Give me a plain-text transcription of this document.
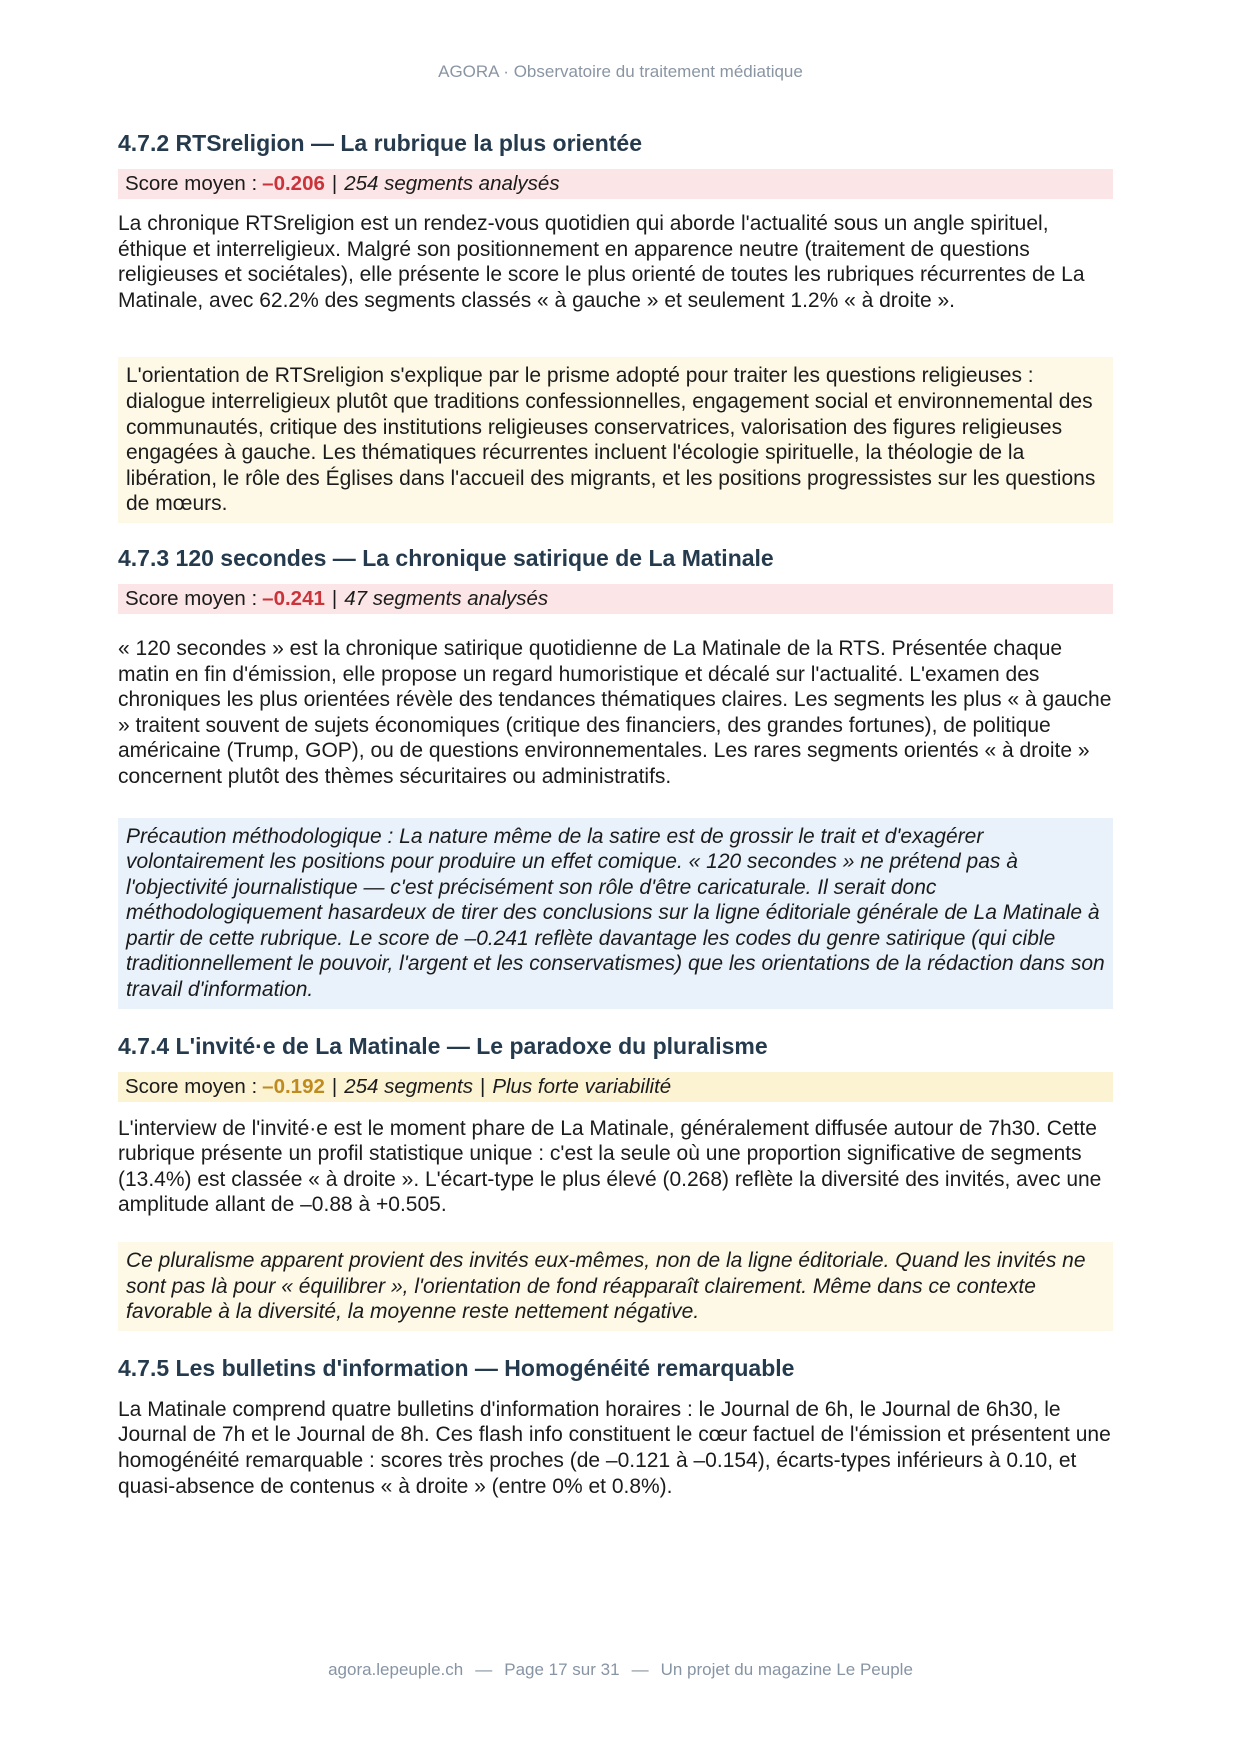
AGORA · Observatoire du traitement médiatique
4.7.2 RTSreligion — La rubrique la plus orientée
Score moyen : –0.206 | 254 segments analysés

La chronique RTSreligion est un rendez-vous quotidien qui aborde l'actualité sous un angle spirituel, éthique et interreligieux. Malgré son positionnement en apparence neutre (traitement de questions religieuses et sociétales), elle présente le score le plus orienté de toutes les rubriques récurrentes de La Matinale, avec 62.2% des segments classés « à gauche » et seulement 1.2% « à droite ».

L'orientation de RTSreligion s'explique par le prisme adopté pour traiter les questions religieuses : dialogue interreligieux plutôt que traditions confessionnelles, engagement social et environnemental des communautés, critique des institutions religieuses conservatrices, valorisation des figures religieuses engagées à gauche. Les thématiques récurrentes incluent l'écologie spirituelle, la théologie de la libération, le rôle des Églises dans l'accueil des migrants, et les positions progressistes sur les questions de mœurs.
4.7.3 120 secondes — La chronique satirique de La Matinale
Score moyen : –0.241 | 47 segments analysés

« 120 secondes » est la chronique satirique quotidienne de La Matinale de la RTS. Présentée chaque matin en fin d'émission, elle propose un regard humoristique et décalé sur l'actualité. L'examen des chroniques les plus orientées révèle des tendances thématiques claires. Les segments les plus « à gauche » traitent souvent de sujets économiques (critique des financiers, des grandes fortunes), de politique américaine (Trump, GOP), ou de questions environnementales. Les rares segments orientés « à droite » concernent plutôt des thèmes sécuritaires ou administratifs.

Précaution méthodologique : La nature même de la satire est de grossir le trait et d'exagérer volontairement les positions pour produire un effet comique. « 120 secondes » ne prétend pas à l'objectivité journalistique — c'est précisément son rôle d'être caricaturale. Il serait donc méthodologiquement hasardeux de tirer des conclusions sur la ligne éditoriale générale de La Matinale à partir de cette rubrique. Le score de –0.241 reflète davantage les codes du genre satirique (qui cible traditionnellement le pouvoir, l'argent et les conservatismes) que les orientations de la rédaction dans son travail d'information.
4.7.4 L'invité·e de La Matinale — Le paradoxe du pluralisme
Score moyen : –0.192 | 254 segments | Plus forte variabilité

L'interview de l'invité·e est le moment phare de La Matinale, généralement diffusée autour de 7h30. Cette rubrique présente un profil statistique unique : c'est la seule où une proportion significative de segments (13.4%) est classée « à droite ». L'écart-type le plus élevé (0.268) reflète la diversité des invités, avec une amplitude allant de –0.88 à +0.505.

Ce pluralisme apparent provient des invités eux-mêmes, non de la ligne éditoriale. Quand les invités ne sont pas là pour « équilibrer », l'orientation de fond réapparaît clairement. Même dans ce contexte favorable à la diversité, la moyenne reste nettement négative.
4.7.5 Les bulletins d'information — Homogénéité remarquable

La Matinale comprend quatre bulletins d'information horaires : le Journal de 6h, le Journal de 6h30, le Journal de 7h et le Journal de 8h. Ces flash info constituent le cœur factuel de l'émission et présentent une homogénéité remarquable : scores très proches (de –0.121 à –0.154), écarts-types inférieurs à 0.10, et quasi-absence de contenus « à droite » (entre 0% et 0.8%).

agora.lepeuple.ch — Page 17 sur 31 — Un projet du magazine Le Peuple
